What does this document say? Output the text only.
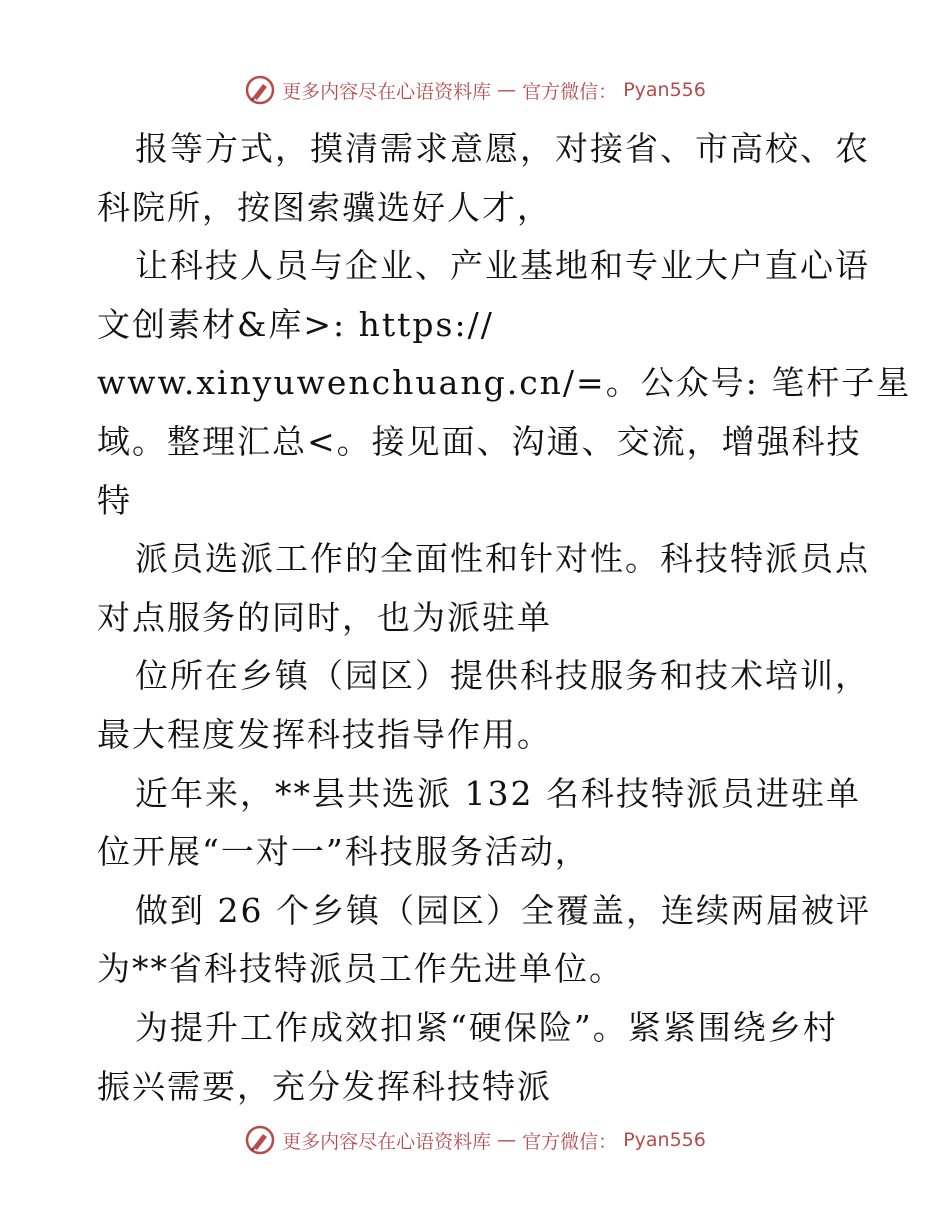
更多内容尽在心语资料库 — 官方微信： Pyan556
报等方式，摸清需求意愿，对接省、市高校、农
科院所，按图索骥选好人才，
让科技人员与企业、产业基地和专业大户直心语
文创素材&库>: https://
www.xinyuwenchuang.cn/=。公众号: 笔杆子星
域。整理汇总<。接见面、沟通、交流，增强科技
特
派员选派工作的全面性和针对性。科技特派员点
对点服务的同时，也为派驻单
位所在乡镇（园区）提供科技服务和技术培训，
最大程度发挥科技指导作用。
近年来，**县共选派 132 名科技特派员进驻单
位开展“一对一”科技服务活动，
做到 26 个乡镇（园区）全覆盖，连续两届被评
为**省科技特派员工作先进单位。
为提升工作成效扣紧“硬保险”。紧紧围绕乡村
振兴需要，充分发挥科技特派
更多内容尽在心语资料库 — 官方微信： Pyan556
